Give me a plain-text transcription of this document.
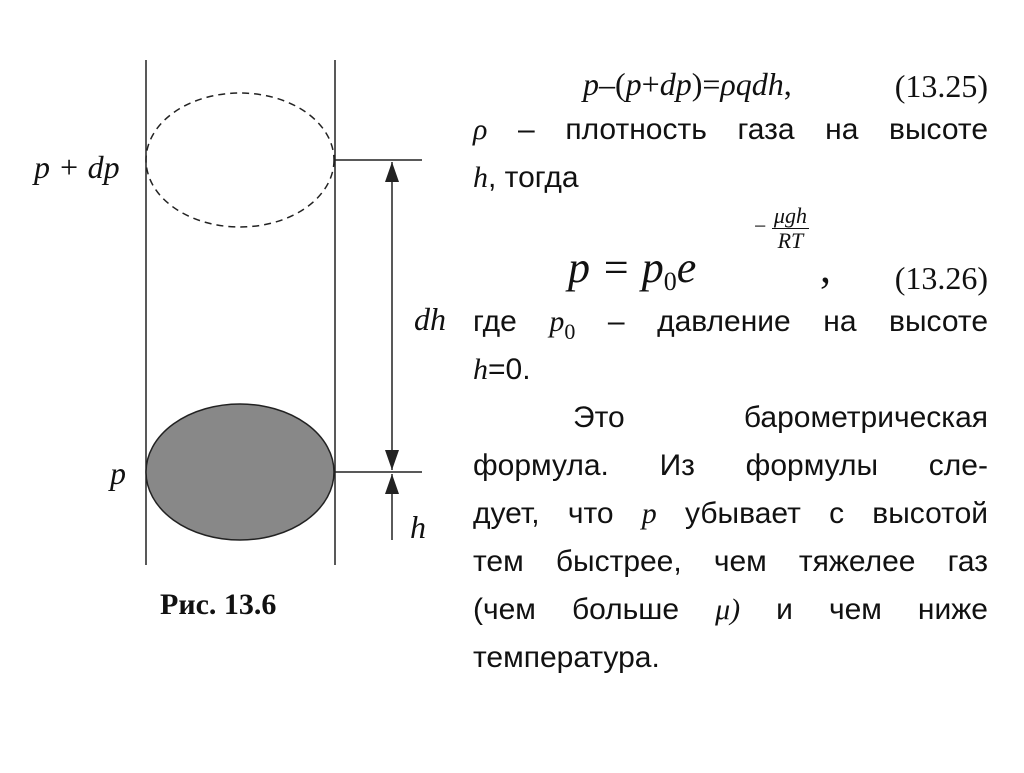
p + dp
dh
p
h
Рис. 13.6
p–(p+dp)=ρqdh,	(13.25)
ρ – плотность газа на высоте
h, тогда
$p = p_0e$
− $\frac{\text{μgh}}{RT}$
, (13.26)
где $p_0$ – давление на высоте
h=0.
Это	барометрическая
формула. Из формулы сле-
дует, что p убывает с высотой
тем быстрее, чем тяжелее газ
(чем больше μ) и чем ниже
температура.
